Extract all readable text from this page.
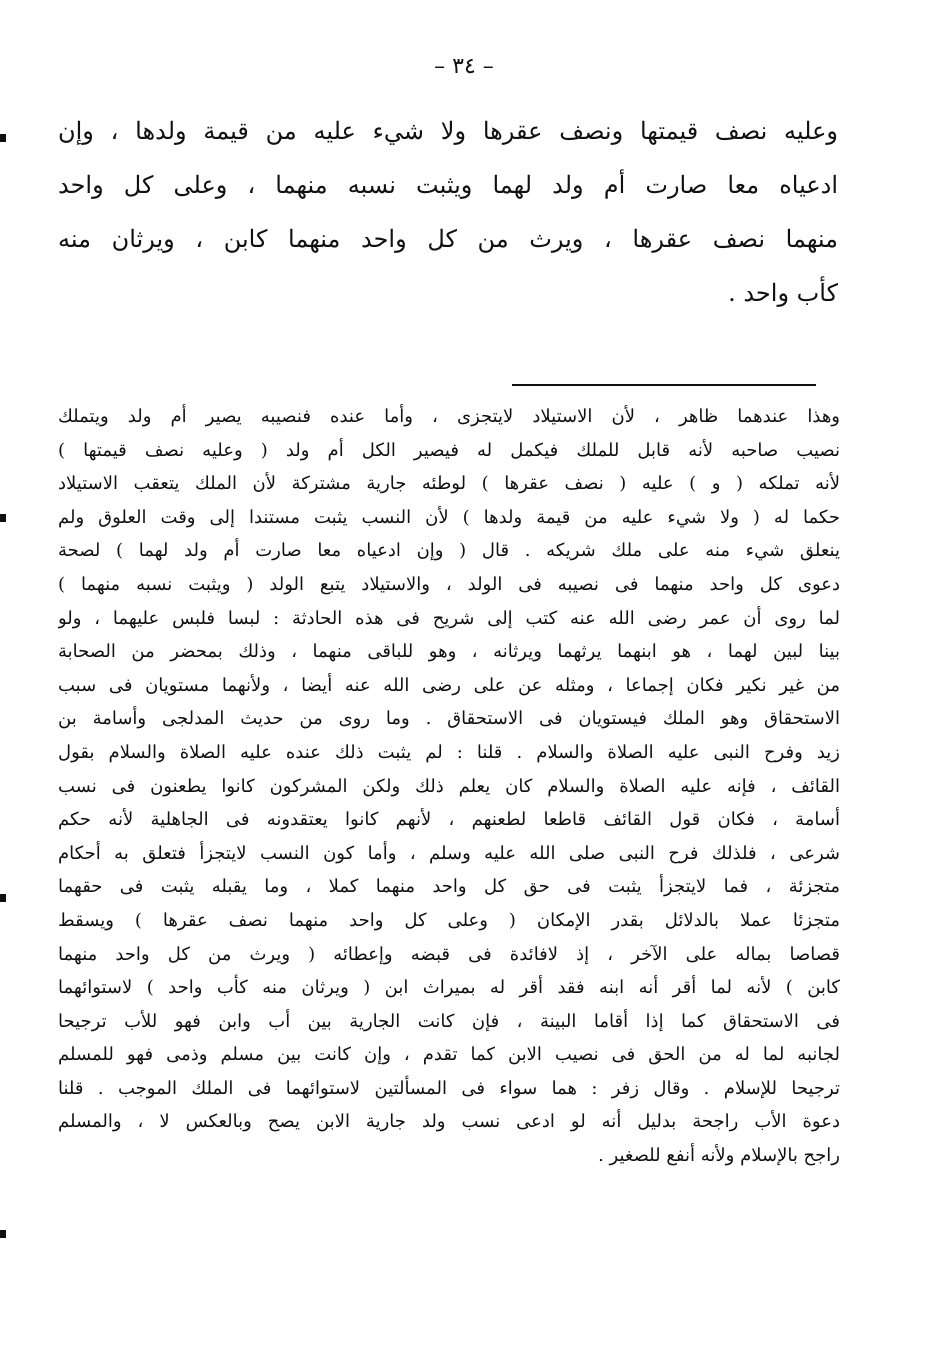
– ٣٤ –
وعليه نصف قيمتها ونصف عقرها ولا شيء عليه من قيمة ولدها ، وإن
ادعياه معا صارت أم ولد لهما ويثبت نسبه منهما ، وعلى كل واحد
منهما نصف عقرها ، ويرث من كل واحد منهما كابن ، ويرثان منه
كأب واحد .
وهذا عندهما ظاهر ، لأن الاستيلاد لايتجزى ، وأما عنده فنصيبه يصير أم ولد ويتملك
نصيب صاحبه لأنه قابل للملك فيكمل له فيصير الكل أم ولد ( وعليه نصف قيمتها )
لأنه تملكه ( و ) عليه ( نصف عقرها ) لوطئه جارية مشتركة لأن الملك يتعقب الاستيلاد
حكما له ( ولا شيء عليه من قيمة ولدها ) لأن النسب يثبت مستندا إلى وقت العلوق ولم
ينعلق شيء منه على ملك شريكه . قال ( وإن ادعياه معا صارت أم ولد لهما ) لصحة
دعوى كل واحد منهما فى نصيبه فى الولد ، والاستيلاد يتبع الولد ( ويثبت نسبه منهما )
لما روى أن عمر رضى الله عنه كتب إلى شريح فى هذه الحادثة : لبسا فلبس عليهما ، ولو
بينا لبين لهما ، هو ابنهما يرثهما ويرثانه ، وهو للباقى منهما ، وذلك بمحضر من الصحابة
من غير نكير فكان إجماعا ، ومثله عن على رضى الله عنه أيضا ، ولأنهما مستويان فى سبب
الاستحقاق وهو الملك فيستويان فى الاستحقاق . وما روى من حديث المدلجى وأسامة بن
زيد وفرح النبى عليه الصلاة والسلام . قلنا : لم يثبت ذلك عنده عليه الصلاة والسلام بقول
القائف ، فإنه عليه الصلاة والسلام كان يعلم ذلك ولكن المشركون كانوا يطعنون فى نسب
أسامة ، فكان قول القائف قاطعا لطعنهم ، لأنهم كانوا يعتقدونه فى الجاهلية لأنه حكم
شرعى ، فلذلك فرح النبى صلى الله عليه وسلم ، وأما كون النسب لايتجزأ فتعلق به أحكام
متجزئة ، فما لايتجزأ يثبت فى حق كل واحد منهما كملا ، وما يقبله يثبت فى حقهما
متجزئا عملا بالدلائل بقدر الإمكان ( وعلى كل واحد منهما نصف عقرها ) ويسقط
قصاصا بماله على الآخر ، إذ لافائدة فى قبضه وإعطائه ( ويرث من كل واحد منهما
كابن ) لأنه لما أقر أنه ابنه فقد أقر له بميراث ابن ( ويرثان منه كأب واحد ) لاستوائهما
فى الاستحقاق كما إذا أقاما البينة ، فإن كانت الجارية بين أب وابن فهو للأب ترجيحا
لجانبه لما له من الحق فى نصيب الابن كما تقدم ، وإن كانت بين مسلم وذمى فهو للمسلم
ترجيحا للإسلام . وقال زفر : هما سواء فى المسألتين لاستوائهما فى الملك الموجب . قلنا
دعوة الأب راجحة بدليل أنه لو ادعى نسب ولد جارية الابن يصح وبالعكس لا ، والمسلم
راجح بالإسلام ولأنه أنفع للصغير .
